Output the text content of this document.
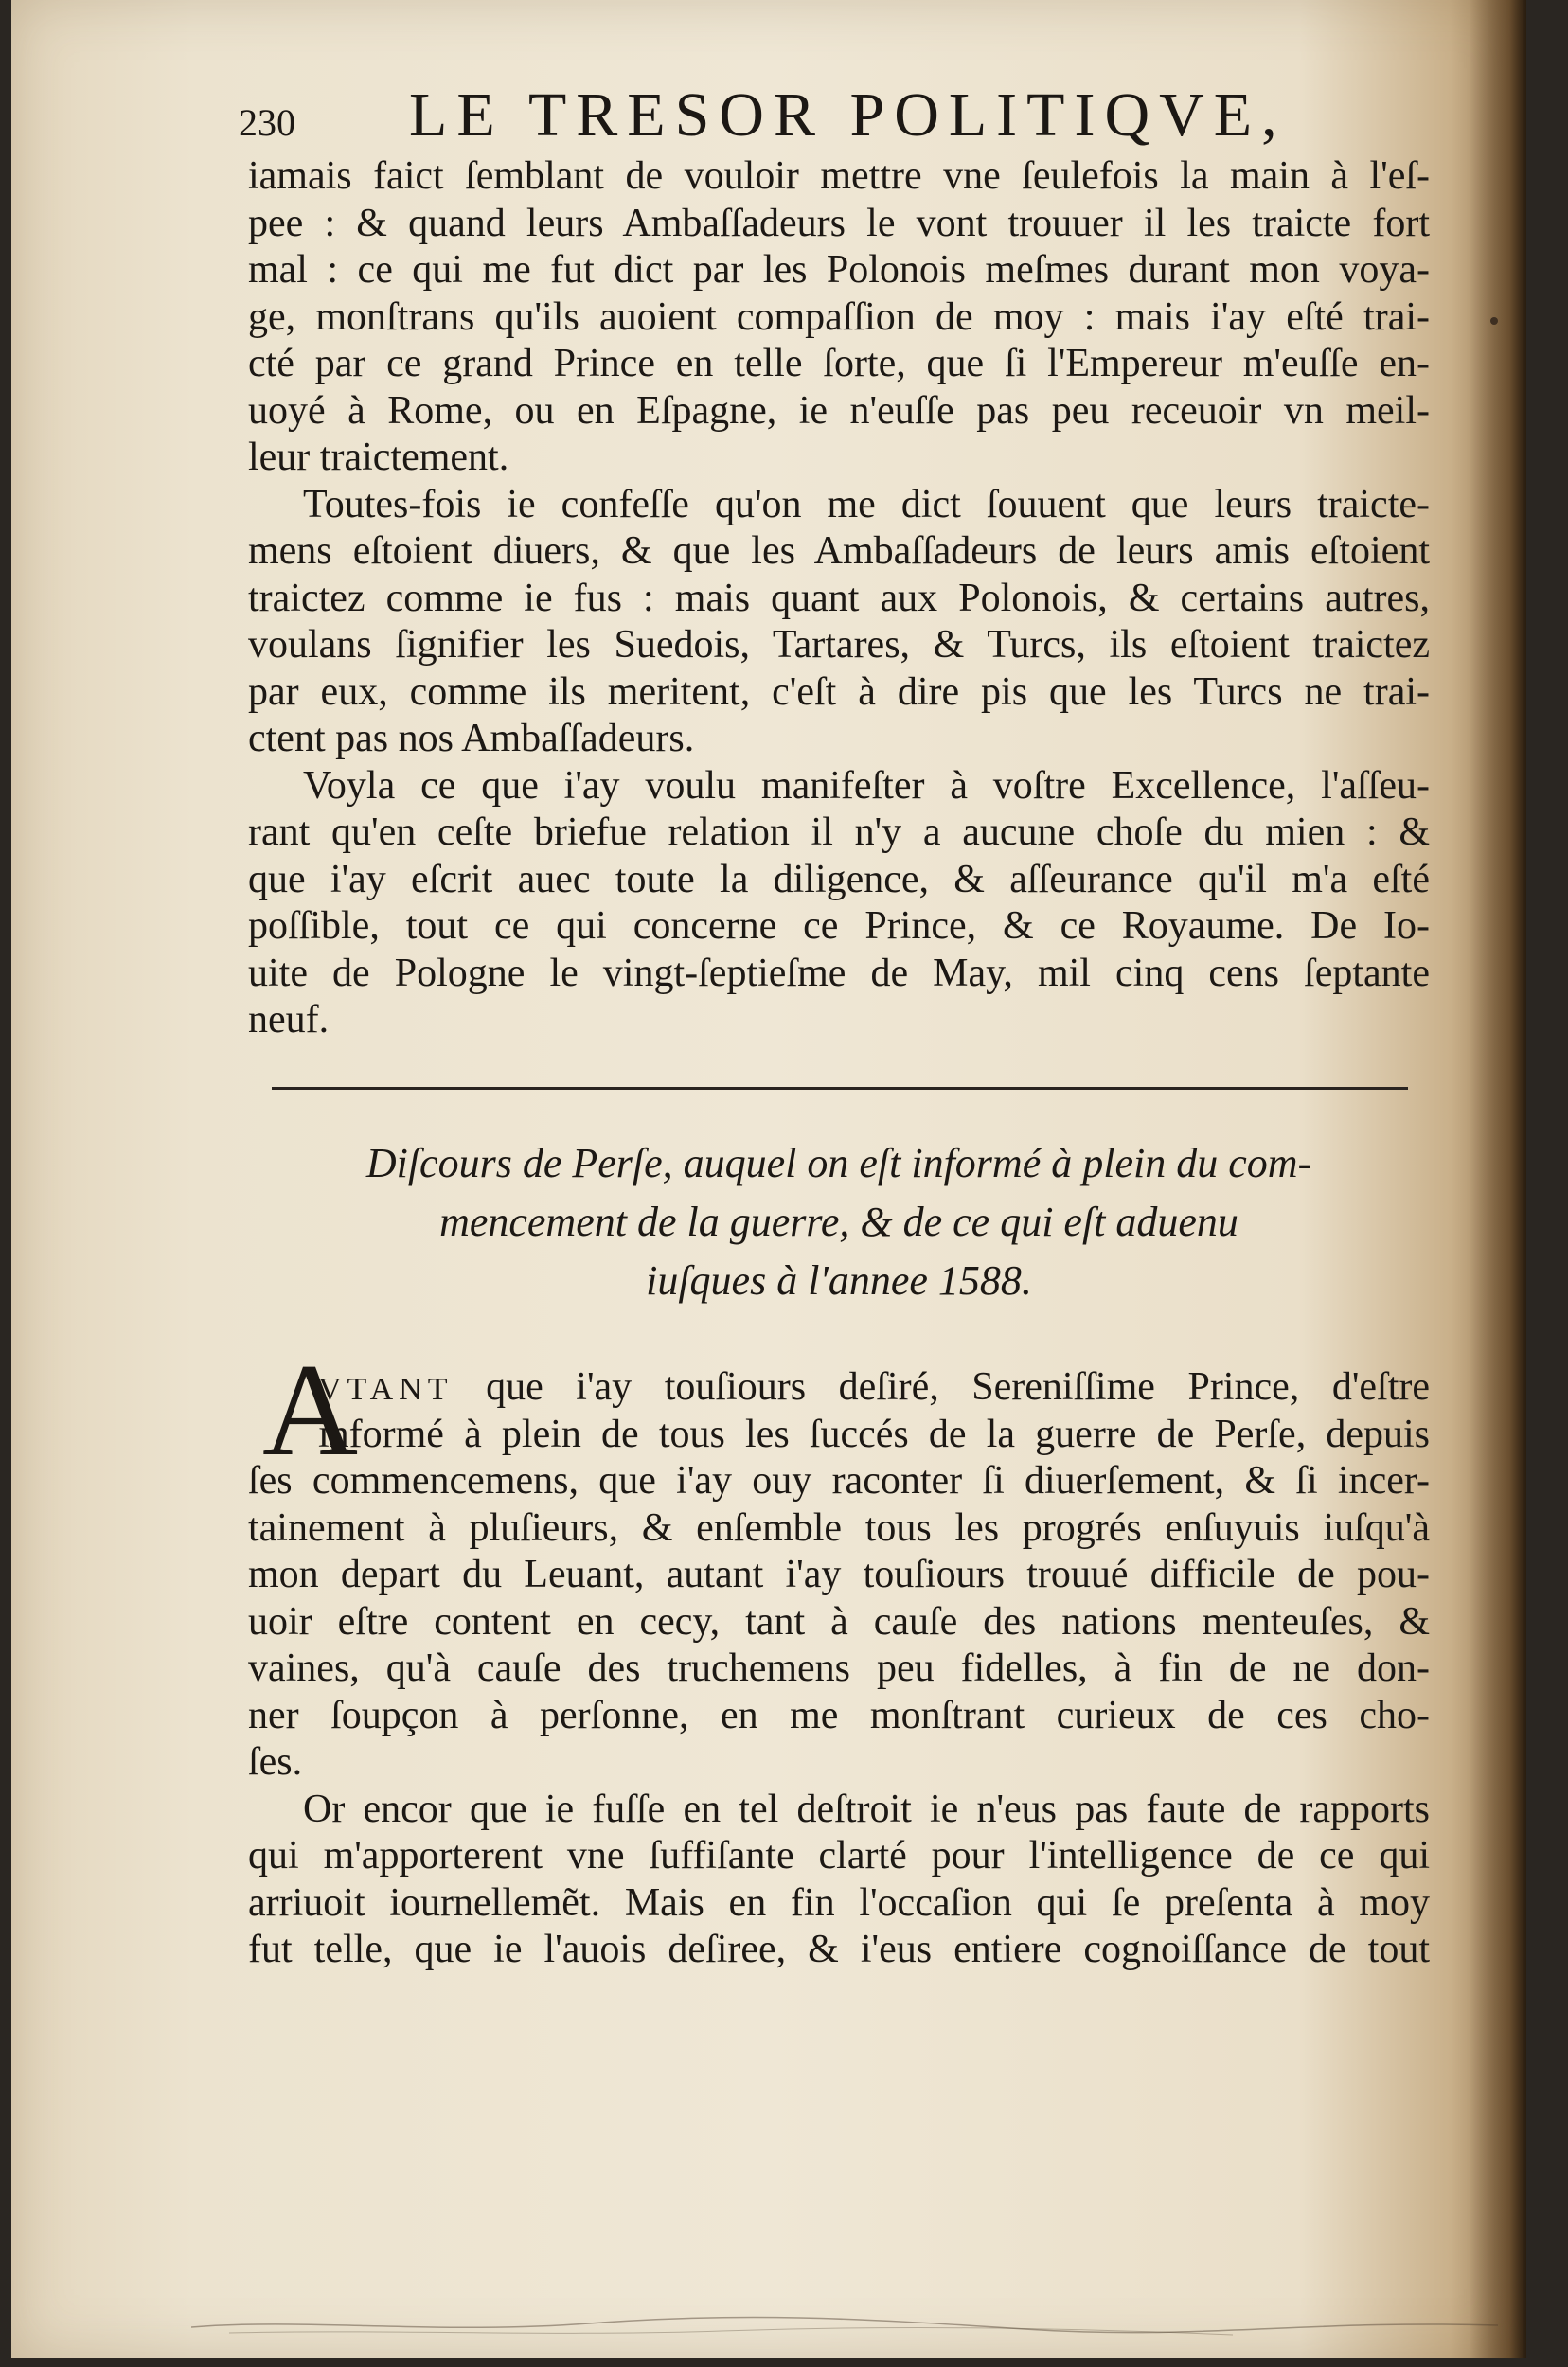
230 LE TRESOR POLITIQVE,
iamais faict ſemblant de vouloir mettre vne ſeulefois la main à l'eſ-
pee : & quand leurs Ambaſſadeurs le vont trouuer il les traicte fort
mal : ce qui me fut dict par les Polonois meſmes durant mon voya-
ge, monſtrans qu'ils auoient compaſſion de moy : mais i'ay eſté trai-
cté par ce grand Prince en telle ſorte, que ſi l'Empereur m'euſſe en-
uoyé à Rome, ou en Eſpagne, ie n'euſſe pas peu receuoir vn meil-
leur traictement.
Toutes-fois ie confeſſe qu'on me dict ſouuent que leurs traicte-
mens eſtoient diuers, & que les Ambaſſadeurs de leurs amis eſtoient
traictez comme ie fus : mais quant aux Polonois, & certains autres,
voulans ſignifier les Suedois, Tartares, & Turcs, ils eſtoient traictez
par eux, comme ils meritent, c'eſt à dire pis que les Turcs ne trai-
ctent pas nos Ambaſſadeurs.
Voyla ce que i'ay voulu manifeſter à voſtre Excellence, l'aſſeu-
rant qu'en ceſte briefue relation il n'y a aucune choſe du mien : &
que i'ay eſcrit auec toute la diligence, & aſſeurance qu'il m'a eſté
poſſible, tout ce qui concerne ce Prince, & ce Royaume. De Io-
uite de Pologne le vingt-ſeptieſme de May, mil cinq cens ſeptante
neuf.
Diſcours de Perſe, auquel on eſt informé à plein du com-
mencement de la guerre, & de ce qui eſt aduenu
iuſques à l'annee 1588.
A
VTANT que i'ay touſiours deſiré, Sereniſſime Prince, d'eſtre
informé à plein de tous les ſuccés de la guerre de Perſe, depuis
ſes commencemens, que i'ay ouy raconter ſi diuerſement, & ſi incer-
tainement à pluſieurs, & enſemble tous les progrés enſuyuis iuſqu'à
mon depart du Leuant, autant i'ay touſiours trouué difficile de pou-
uoir eſtre content en cecy, tant à cauſe des nations menteuſes, &
vaines, qu'à cauſe des truchemens peu fidelles, à fin de ne don-
ner ſoupçon à perſonne, en me monſtrant curieux de ces cho-
ſes.
Or encor que ie fuſſe en tel deſtroit ie n'eus pas faute de rapports
qui m'apporterent vne ſuffiſante clarté pour l'intelligence de ce qui
arriuoit iournellemẽt. Mais en fin l'occaſion qui ſe preſenta à moy
fut telle, que ie l'auois deſiree, & i'eus entiere cognoiſſance de tout
